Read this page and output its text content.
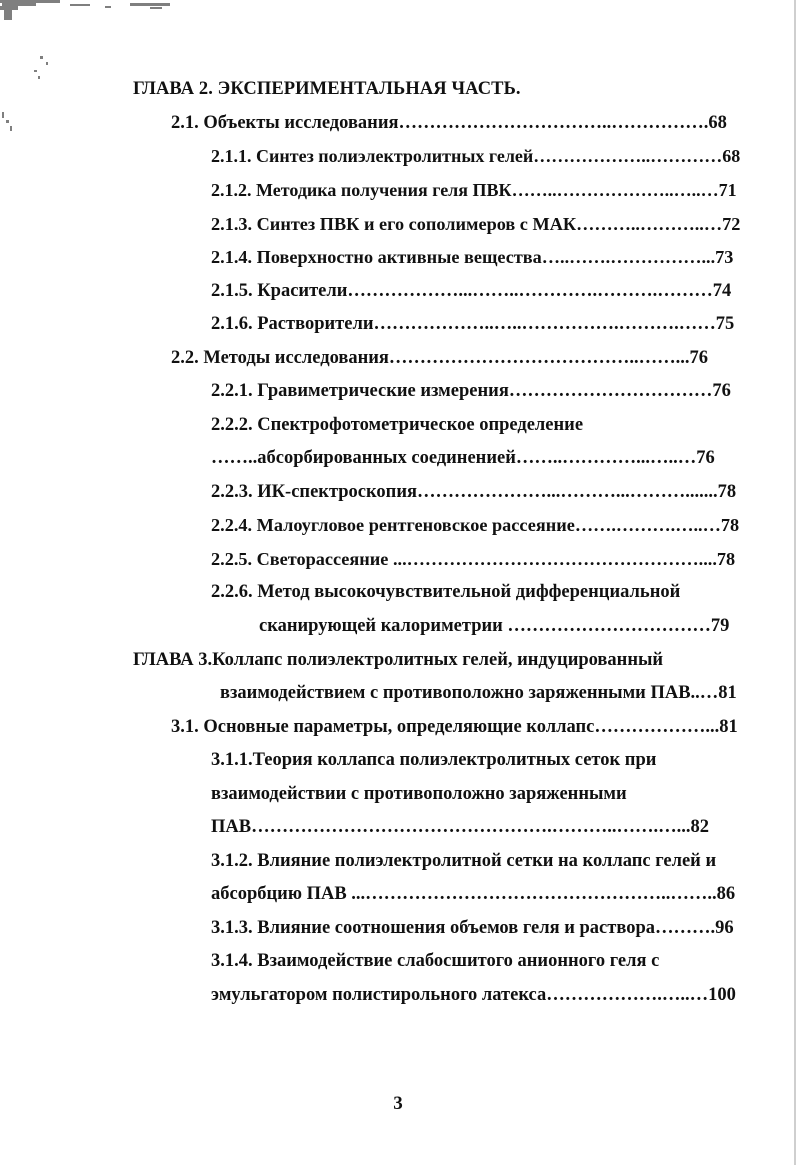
ГЛАВА 2. ЭКСПЕРИМЕНТАЛЬНАЯ ЧАСТЬ.
2.1. Объекты исследования……………………………..…………….68
2.1.1. Синтез полиэлектролитных гелей………………..…………68
2.1.2. Методика получения геля ПВК……..………………..…..…71
2.1.3. Синтез ПВК и его сополимеров с МАК………..………..…72
2.1.4. Поверхностно активные вещества…..…….……………...73
2.1.5. Красители………………...……..………….……….………74
2.1.6. Растворители………………..…..…………….……….……75
2.2. Методы исследования…………………………………..……...76
2.2.1. Гравиметрические измерения……………………………76
2.2.2. Спектрофотометрическое определение
……..абсорбированных соединенией……..…………...…..…76
2.2.3. ИК-спектроскопия…………………...………...……….......78
2.2.4. Малоугловое рентгеновское рассеяние…….……….…..…78
2.2.5. Светорассеяние ...…………………………………………....78
2.2.6. Метод высокочувствительной дифференциальной
сканирующей калориметрии ……………………………79
ГЛАВА 3.Коллапс полиэлектролитных гелей, индуцированный
взаимодействием с противоположно заряженными ПАВ..…81
3.1. Основные параметры, определяющие коллапс………………...81
3.1.1.Теория коллапса полиэлектролитных сеток при
взаимодействии с противоположно заряженными
ПАВ………………………………………….………..…….…...82
3.1.2. Влияние полиэлектролитной сетки на коллапс гелей и
абсорбцию ПАВ ...…………………………………………..……..86
3.1.3. Влияние соотношения объемов геля и раствора……….96
3.1.4. Взаимодействие слабосшитого анионного геля с
эмульгатором полистирольного латекса……………….…..…100
3
